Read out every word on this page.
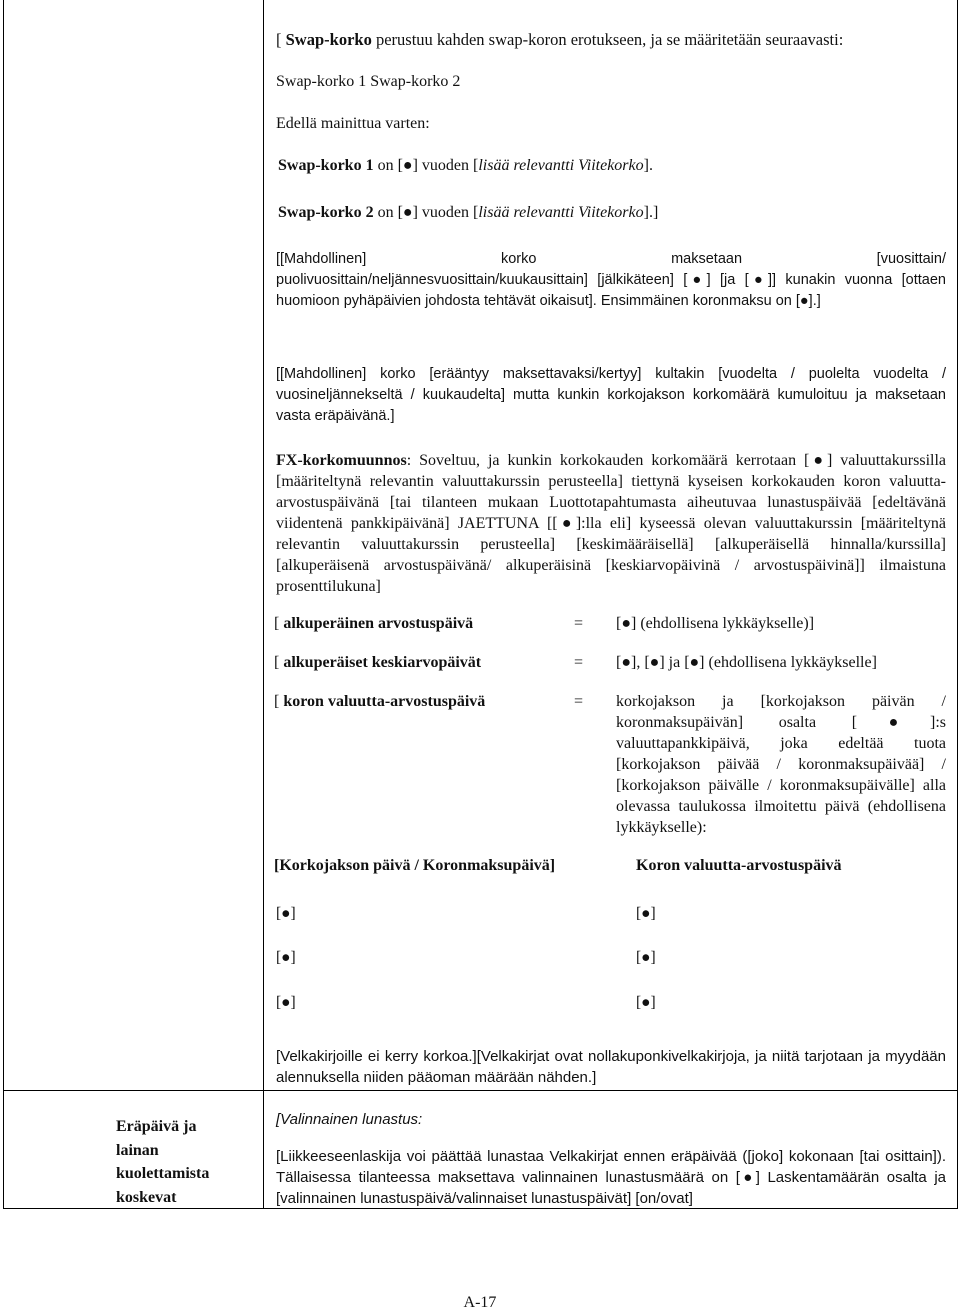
[ Swap-korko perustuu kahden swap-koron erotukseen, ja se määritetään seuraavasti:
Swap-korko 1 Swap-korko 2
Edellä mainittua varten:
Swap-korko 1 on [●] vuoden [lisää relevantti Viitekorko].
Swap-korko 2 on [●] vuoden [lisää relevantti Viitekorko].]
[[Mahdollinen]   korko   maksetaan   [vuosittain/
puolivuosittain/neljännesvuosittain/kuukausittain] [jälkikäteen] [●] [ja [●]] kunakin vuonna [ottaen huomioon pyhäpäivien johdosta tehtävät oikaisut]. Ensimmäinen koronmaksu on [●].]
[[Mahdollinen] korko [erääntyy maksettavaksi/kertyy] kultakin [vuodelta / puolelta vuodelta / vuosineljännekseltä / kuukaudelta] mutta kunkin korkojakson korkomäärä kumuloituu ja maksetaan vasta eräpäivänä.]
FX-korkomuunnos: Soveltuu, ja kunkin korkokauden korkomäärä kerrotaan [●] valuuttakurssilla [määriteltynä relevantin valuuttakurssin perusteella] tiettynä kyseisen korkokauden koron valuutta-arvostuspäivänä [tai tilanteen mukaan Luottotapahtumasta aiheutuvaa lunastuspäivää [edeltävänä viidentenä pankkipäivänä] JAETTUNA [[●]:lla eli] kyseessä olevan valuuttakurssin [määriteltynä relevantin valuuttakurssin perusteella] [keskimääräisellä] [alkuperäisellä hinnalla/kurssilla] [alkuperäisenä arvostuspäivänä/ alkuperäisinä [keskiarvopäivinä / arvostuspäivinä]] ilmaistuna prosenttilukuna]
[ alkuperäinen arvostuspäivä	= [●] (ehdollisena lykkäykselle)]
[ alkuperäiset keskiarvopäivät	= [●], [●] ja [●] (ehdollisena lykkäykselle]
[ koron valuutta-arvostuspäivä	= korkojakson ja [korkojakson päivän / koronmaksupäivän] osalta [●]:s valuuttapankkipäivä, joka edeltää tuota [korkojakson päivää / koronmaksupäivää] / [korkojakson päivälle / koronmaksupäivälle] alla olevassa taulukossa ilmoitettu päivä (ehdollisena lykkäykselle):
[Korkojakson päivä / Koronmaksupäivä]	Koron valuutta-arvostuspäivä
[●]	[●]
[●]	[●]
[●]	[●]
[Velkakirjoille ei kerry korkoa.][Velkakirjat ovat nollakuponkivelkakirjoja, ja niitä tarjotaan ja myydään alennuksella niiden pääoman määrään nähden.]
Eräpäivä ja lainan kuolettamista koskevat
[Valinnainen lunastus:
[Liikkeeseenlaskija voi päättää lunastaa Velkakirjat ennen eräpäivää ([joko] kokonaan [tai osittain]). Tällaisessa tilanteessa maksettava valinnainen lunastusmäärä on [●] Laskentamäärän osalta ja [valinnainen lunastuspäivä/valinnaiset lunastuspäivät] [on/ovat]
A-17
